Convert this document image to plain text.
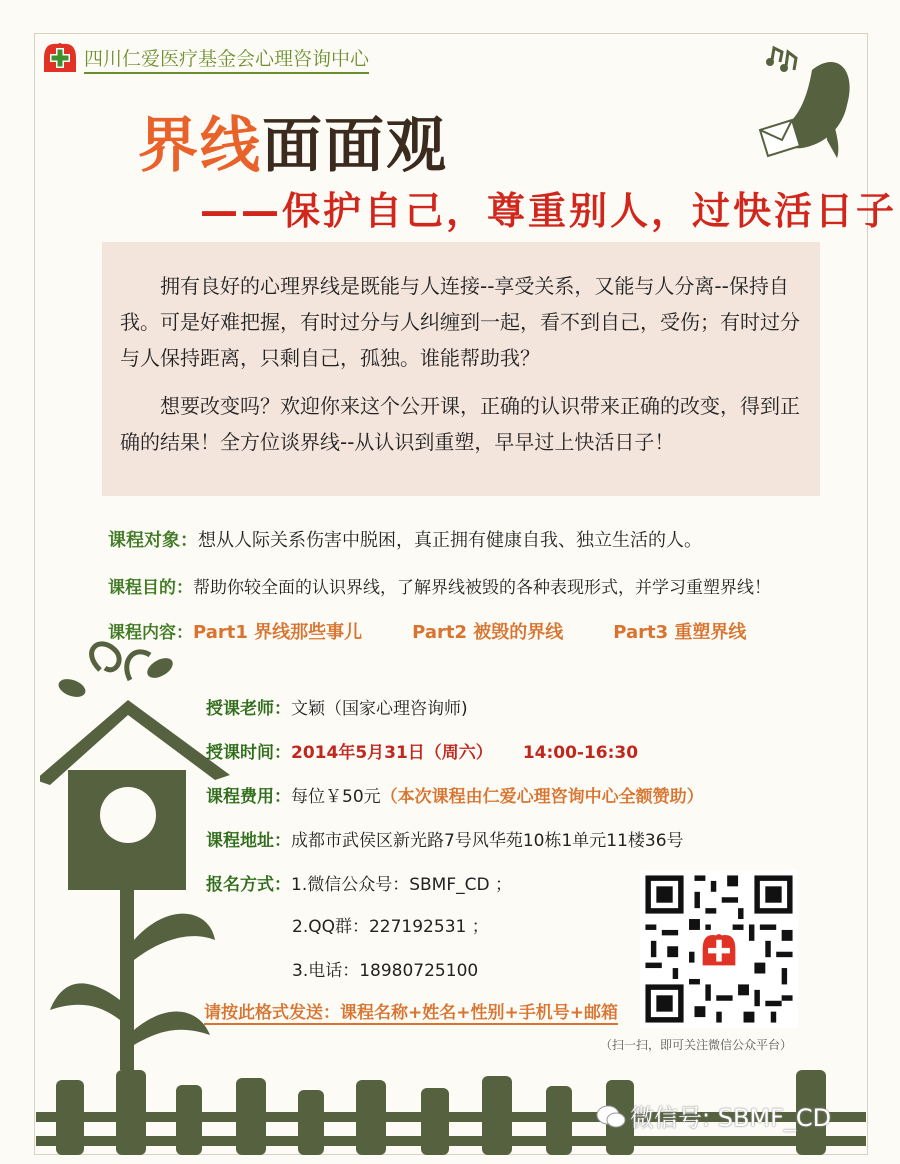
四川仁爱医疗基金会心理咨询中心
界线面面观
——保护自己，尊重别人，过快活日子

拥有良好的心理界线是既能与人连接--享受关系，又能与人分离--保持自我。可是好难把握，有时过分与人纠缠到一起，看不到自己，受伤；有时过分与人保持距离，只剩自己，孤独。谁能帮助我？

想要改变吗？欢迎你来这个公开课，正确的认识带来正确的改变，得到正确的结果！全方位谈界线--从认识到重塑，早早过上快活日子！

课程对象：想从人际关系伤害中脱困，真正拥有健康自我、独立生活的人。
课程目的：帮助你较全面的认识界线，了解界线被毁的各种表现形式，并学习重塑界线！
课程内容：Part1 界线那些事儿	Part2 被毁的界线	Part3 重塑界线
授课老师：文颖（国家心理咨询师)
授课时间：2014年5月31日（周六） 14:00-16:30
课程费用：每位￥50元（本次课程由仁爱心理咨询中心全额赞助）
课程地址：成都市武侯区新光路7号风华苑10栋1单元11楼36号
报名方式：1.微信公众号：SBMF_CD ；
2.QQ群：227192531 ；
3.电话：18980725100
请按此格式发送：课程名称+姓名+性别+手机号+邮箱
（扫一扫，即可关注微信公众平台）
微信号: SBMF_CD
